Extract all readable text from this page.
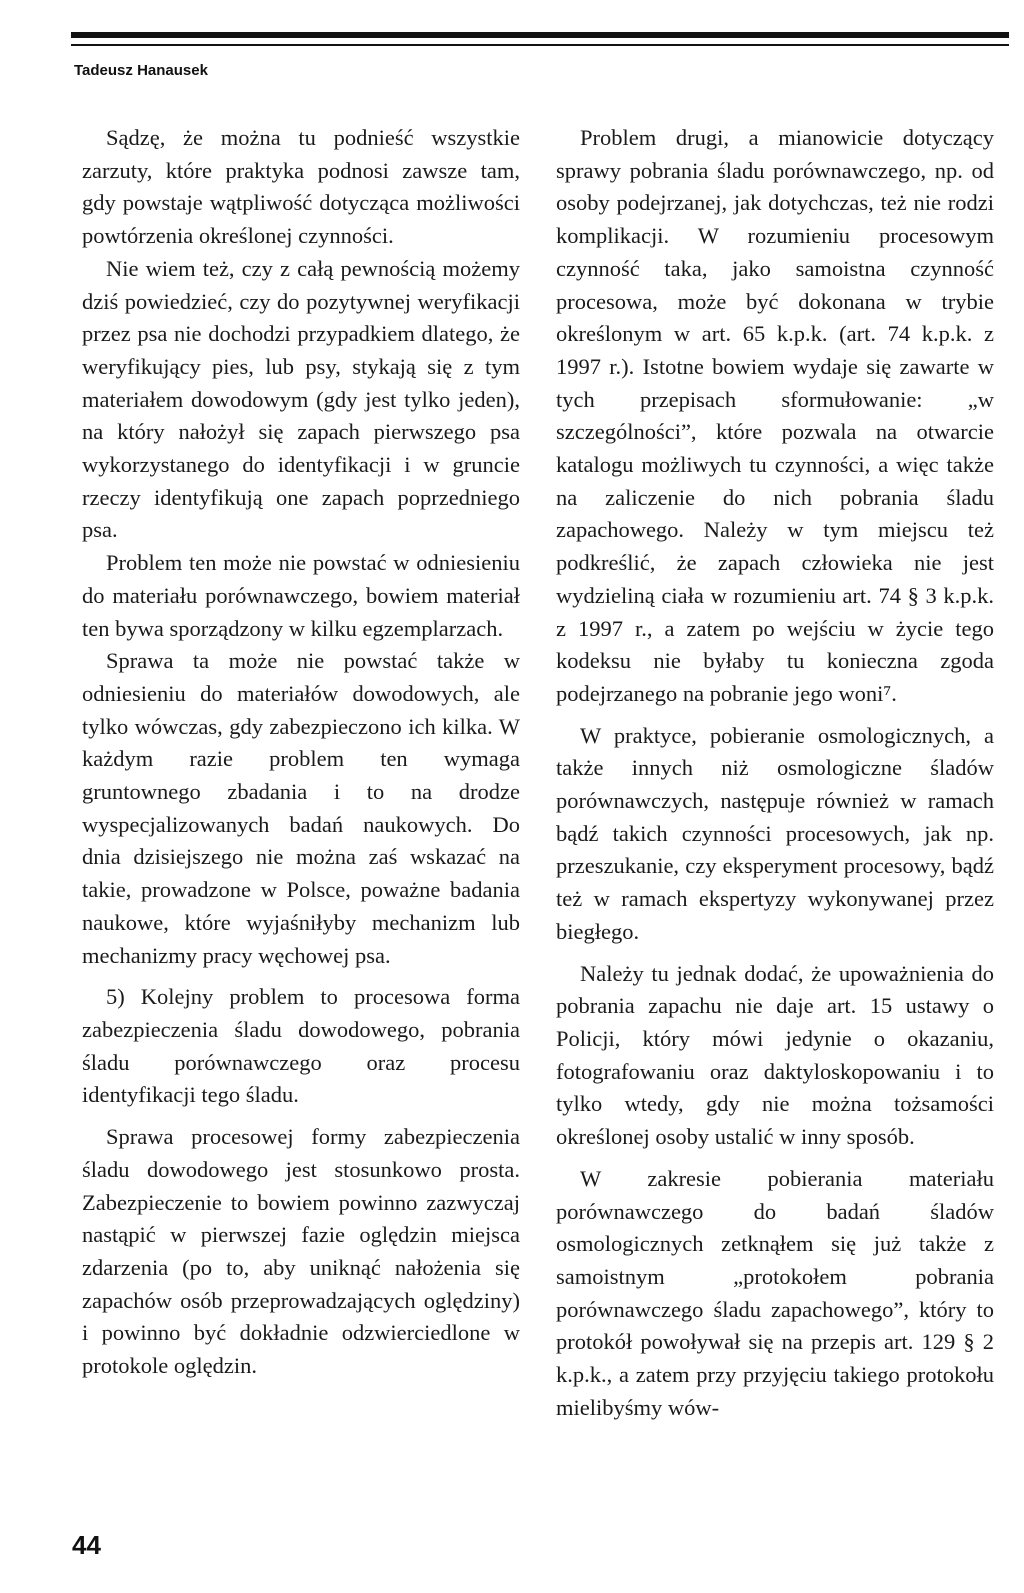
Tadeusz Hanausek

Sądzę, że można tu podnieść wszystkie zarzuty, które praktyka podnosi zawsze tam, gdy powstaje wątpliwość dotycząca możliwości powtórzenia określonej czynności.

Nie wiem też, czy z całą pewnością możemy dziś powiedzieć, czy do pozytywnej weryfikacji przez psa nie dochodzi przypadkiem dlatego, że weryfikujący pies, lub psy, stykają się z tym materiałem dowodowym (gdy jest tylko jeden), na który nałożył się zapach pierwszego psa wykorzystanego do identyfikacji i w gruncie rzeczy identyfikują one zapach poprzedniego psa.

Problem ten może nie powstać w odniesieniu do materiału porównawczego, bowiem materiał ten bywa sporządzony w kilku egzemplarzach.

Sprawa ta może nie powstać także w odniesieniu do materiałów dowodowych, ale tylko wówczas, gdy zabezpieczono ich kilka. W każdym razie problem ten wymaga gruntownego zbadania i to na drodze wyspecjalizowanych badań naukowych. Do dnia dzisiejszego nie można zaś wskazać na takie, prowadzone w Polsce, poważne badania naukowe, które wyjaśniłyby mechanizm lub mechanizmy pracy węchowej psa.

5) Kolejny problem to procesowa forma zabezpieczenia śladu dowodowego, pobrania śladu porównawczego oraz procesu identyfikacji tego śladu.

Sprawa procesowej formy zabezpieczenia śladu dowodowego jest stosunkowo prosta. Zabezpieczenie to bowiem powinno zazwyczaj nastąpić w pierwszej fazie oględzin miejsca zdarzenia (po to, aby uniknąć nałożenia się zapachów osób przeprowadzających oględziny) i powinno być dokładnie odzwierciedlone w protokole oględzin.

Problem drugi, a mianowicie dotyczący sprawy pobrania śladu porównawczego, np. od osoby podejrzanej, jak dotychczas, też nie rodzi komplikacji. W rozumieniu procesowym czynność taka, jako samoistna czynność procesowa, może być dokonana w trybie określonym w art. 65 k.p.k. (art. 74 k.p.k. z 1997 r.). Istotne bowiem wydaje się zawarte w tych przepisach sformułowanie: „w szczególności”, które pozwala na otwarcie katalogu możliwych tu czynności, a więc także na zaliczenie do nich pobrania śladu zapachowego. Należy w tym miejscu też podkreślić, że zapach człowieka nie jest wydzieliną ciała w rozumieniu art. 74 § 3 k.p.k. z 1997 r., a zatem po wejściu w życie tego kodeksu nie byłaby tu konieczna zgoda podejrzanego na pobranie jego woni⁷.

W praktyce, pobieranie osmologicznych, a także innych niż osmologiczne śladów porównawczych, następuje również w ramach bądź takich czynności procesowych, jak np. przeszukanie, czy eksperyment procesowy, bądź też w ramach ekspertyzy wykonywanej przez biegłego.

Należy tu jednak dodać, że upoważnienia do pobrania zapachu nie daje art. 15 ustawy o Policji, który mówi jedynie o okazaniu, fotografowaniu oraz daktyloskopowaniu i to tylko wtedy, gdy nie można tożsamości określonej osoby ustalić w inny sposób.

W zakresie pobierania materiału porównawczego do badań śladów osmologicznych zetknąłem się już także z samoistnym „protokołem pobrania porównawczego śladu zapachowego”, który to protokół powoływał się na przepis art. 129 § 2 k.p.k., a zatem przy przyjęciu takiego protokołu mielibyśmy wów-

44
